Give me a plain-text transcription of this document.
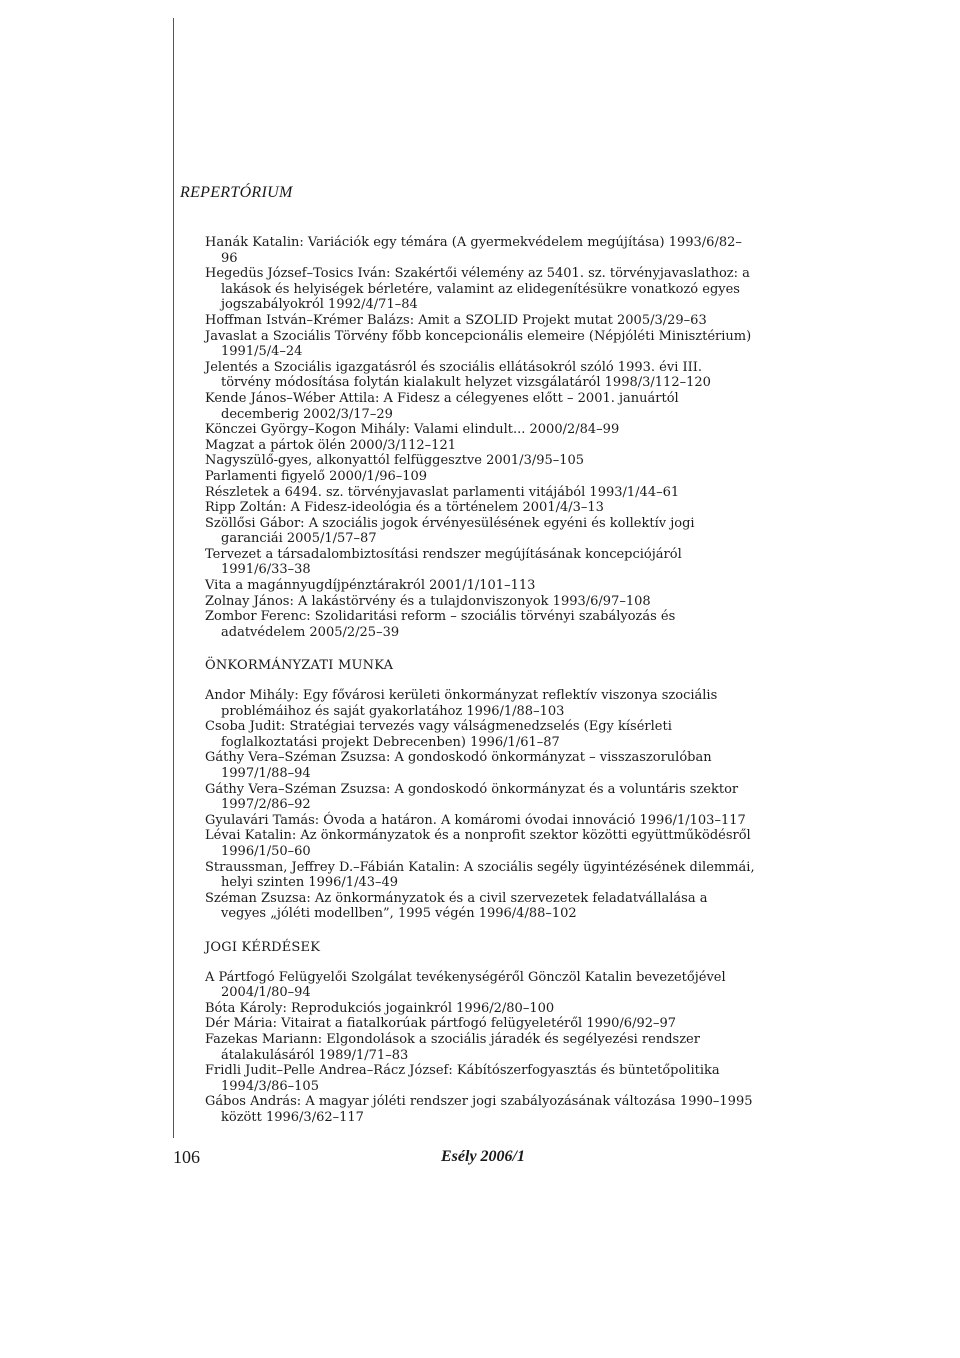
REPERTÓRIUM
Hanák Katalin: Variációk egy témára (A gyermekvédelem megújítása) 1993/6/82–96
Hegedüs József–Tosics Iván: Szakértői vélemény az 5401. sz. törvényjavaslathoz: a lakások és helyiségek bérletére, valamint az elidegenítésükre vonatkozó egyes jogszabályokról 1992/4/71–84
Hoffman István–Krémer Balázs: Amit a SZOLID Projekt mutat 2005/3/29–63
Javaslat a Szociális Törvény főbb koncepcionális elemeire (Népjóléti Minisztérium) 1991/5/4–24
Jelentés a Szociális igazgatásról és szociális ellátásokról szóló 1993. évi III. törvény módosítása folytán kialakult helyzet vizsgálatáról 1998/3/112–120
Kende János–Wéber Attila: A Fidesz a célegyenes előtt – 2001. januártól decemberig 2002/3/17–29
Könczei György–Kogon Mihály: Valami elindult... 2000/2/84–99
Magzat a pártok ölén 2000/3/112–121
Nagyszülő-gyes, alkonyattól felfüggesztve 2001/3/95–105
Parlamenti figyelő 2000/1/96–109
Részletek a 6494. sz. törvényjavaslat parlamenti vitájából 1993/1/44–61
Ripp Zoltán: A Fidesz-ideológia és a történelem 2001/4/3–13
Szöllősi Gábor: A szociális jogok érvényesülésének egyéni és kollektív jogi garanciái 2005/1/57–87
Tervezet a társadalombiztosítási rendszer megújításának koncepciójáról 1991/6/33–38
Vita a magánnyugdíjpénztárakról 2001/1/101–113
Zolnay János: A lakástörvény és a tulajdonviszonyok 1993/6/97–108
Zombor Ferenc: Szolidaritási reform – szociális törvényi szabályozás és adatvédelem 2005/2/25–39
ÖNKORMÁNYZATI MUNKA
Andor Mihály: Egy fővárosi kerületi önkormányzat reflektív viszonya szociális problémáihoz és saját gyakorlatához 1996/1/88–103
Csoba Judit: Stratégiai tervezés vagy válságmenedzselés (Egy kísérleti foglalkoztatási projekt Debrecenben) 1996/1/61–87
Gáthy Vera–Széman Zsuzsa: A gondoskodó önkormányzat – visszaszorulóban 1997/1/88–94
Gáthy Vera–Széman Zsuzsa: A gondoskodó önkormányzat és a voluntáris szektor 1997/2/86–92
Gyulavári Tamás: Óvoda a határon. A komáromi óvodai innováció 1996/1/103–117
Lévai Katalin: Az önkormányzatok és a nonprofit szektor közötti együttműködésről 1996/1/50–60
Straussman, Jeffrey D.–Fábián Katalin: A szociális segély ügyintézésének dilemmái, helyi szinten 1996/1/43–49
Széman Zsuzsa: Az önkormányzatok és a civil szervezetek feladatvállalása a vegyes „jóléti modellben”, 1995 végén 1996/4/88–102
JOGI KÉRDÉSEK
A Pártfogó Felügyelői Szolgálat tevékenységéről Gönczöl Katalin bevezetőjével 2004/1/80–94
Bóta Károly: Reprodukciós jogainkról 1996/2/80–100
Dér Mária: Vitairat a fiatalkorúak pártfogó felügyeletéről 1990/6/92–97
Fazekas Mariann: Elgondolások a szociális járadék és segélyezési rendszer átalakulásáról 1989/1/71–83
Fridli Judit–Pelle Andrea–Rácz József: Kábítószerfogyasztás és büntetőpolitika 1994/3/86–105
Gábos András: A magyar jóléti rendszer jogi szabályozásának változása 1990–1995 között 1996/3/62–117
106	Esély 2006/1
